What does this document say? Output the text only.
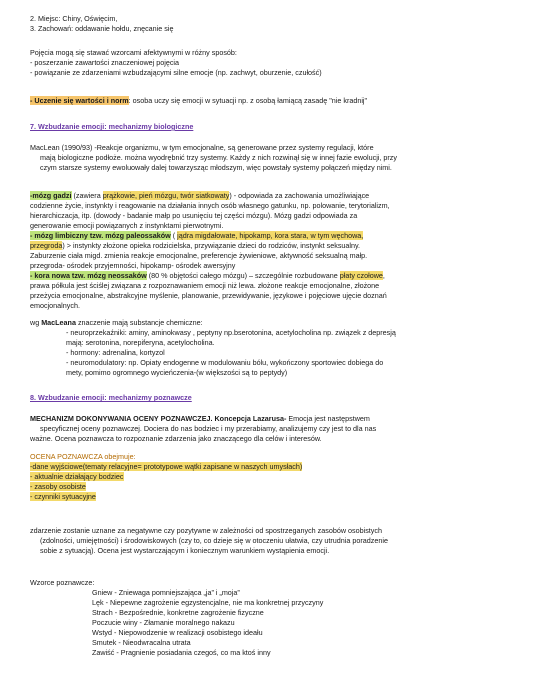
2. Miejsc: Chiny, Oświęcim,
3. Zachowań: oddawanie hołdu, znęcanie się
Pojęcia mogą się stawać wzorcami afektywnymi w różny sposób:
- poszerzanie zawartości znaczeniowej pojęcia
- powiązanie ze zdarzeniami wzbudzającymi silne emocje (np. zachwyt, oburzenie, czułość)
- Uczenie się wartości i norm: osoba uczy się emocji w sytuacji np. z osobą łamiącą zasadę "nie kradnij"
7. Wzbudzanie emocji: mechanizmy biologiczne
MacLean (1990/93) -Reakcje organizmu, w tym emocjonalne, są generowane przez systemy regulacji, które
mają biologiczne podłoże. można wyodrębnić trzy systemy. Każdy z nich rozwinął się w innej fazie ewolucji, przy
czym starsze systemy ewoluowały dalej towarzysząc młodszym, więc powstały systemy połączeń między nimi.
-mózg gadzi (zawiera prążkowie, pień mózgu, twór siatkowaty) - odpowiada za zachowania umożliwiające
codzienne życie, instynkty i reagowanie na działania innych osób własnego gatunku, np. polowanie, terytorializm,
hierarchiczacja, itp. (dowody - badanie małp po usunięciu tej części mózgu). Mózg gadzi odpowiada za
generowanie emocji powiązanych z instynktami pierwotnymi.
- mózg limbiczny tzw. mózg paleossaków ( jądra migdałowate, hipokamp, kora stara, w tym węchowa,
przegroda) > instynkty złożone opieka rodzicielska, przywiązanie dzieci do rodziców, instynkt seksualny.
Zaburzenie ciała migd. zmienia reakcje emocjonalne, preferencje żywieniowe, aktywność seksualną małp.
przegroda- ośrodek przyjemności, hipokamp- ośrodek awersyjny
- kora nowa tzw. mózg neossaków (80 % objętości całego mózgu) – szczególnie rozbudowane płaty czołowe,
prawa półkula jest ściślej związana z rozpoznawaniem emocji niż lewa. złożone reakcje emocjonalne, złożone
przeżycia emocjonalne, abstrakcyjne myślenie, planowanie, przewidywanie, językowe i pojęciowe ujęcie doznań
emocjonalnych.
wg MacLeana znaczenie mają substancje chemiczne:
- neuroprzekaźniki: aminy, aminokwasy , peptyny np.bserotonina, acetylocholina np. związek z depresją
mają: serotonina, norepiferyna, acetylocholina.
- hormony: adrenalina, kortyzol
- neuromodulatory: np. Opiaty endogenne w modulowaniu bólu, wykończony sportowiec dobiega do
mety, pomimo ogromnego wycieńczenia-(w większości są to peptydy)
8. Wzbudzanie emocji: mechanizmy poznawcze
MECHANIZM DOKONYWANIA OCENY POZNAWCZEJ. Koncepcja Lazarusa- Emocja jest następstwem
specyficznej oceny poznawczej. Dociera do nas bodziec i my przerabiamy, analizujemy czy jest to dla nas
ważne. Ocena poznawcza to rozpoznanie zdarzenia jako znaczącego dla celów i interesów.
OCENA POZNAWCZA obejmuje:
-dane wyjściowe(tematy relacyjne= prototypowe wątki zapisane w naszych umysłach)
- aktualnie działający bodziec
- zasoby osobiste
- czynniki sytuacyjne
zdarzenie zostanie uznane za negatywne czy pozytywne w zależności od spostrzeganych zasobów osobistych
(zdolności, umiejętności) i środowiskowych (czy to, co dzieje się w otoczeniu ułatwia, czy utrudnia poradzenie
sobie z sytuacją). Ocena jest wystarczającym i koniecznym warunkiem wystąpienia emocji.
Wzorce poznawcze:
Gniew - Zniewaga pomniejszająca „ja” i „moja”
Lęk - Niepewne zagrożenie egzystencjalne, nie ma konkretnej przyczyny
Strach - Bezpośrednie, konkretne zagrożenie fizyczne
Poczucie winy - Złamanie moralnego nakazu
Wstyd - Niepowodzenie w realizacji osobistego ideału
Smutek - Nieodwracalna utrata
Zawiść - Pragnienie posiadania czegoś, co ma ktoś inny
